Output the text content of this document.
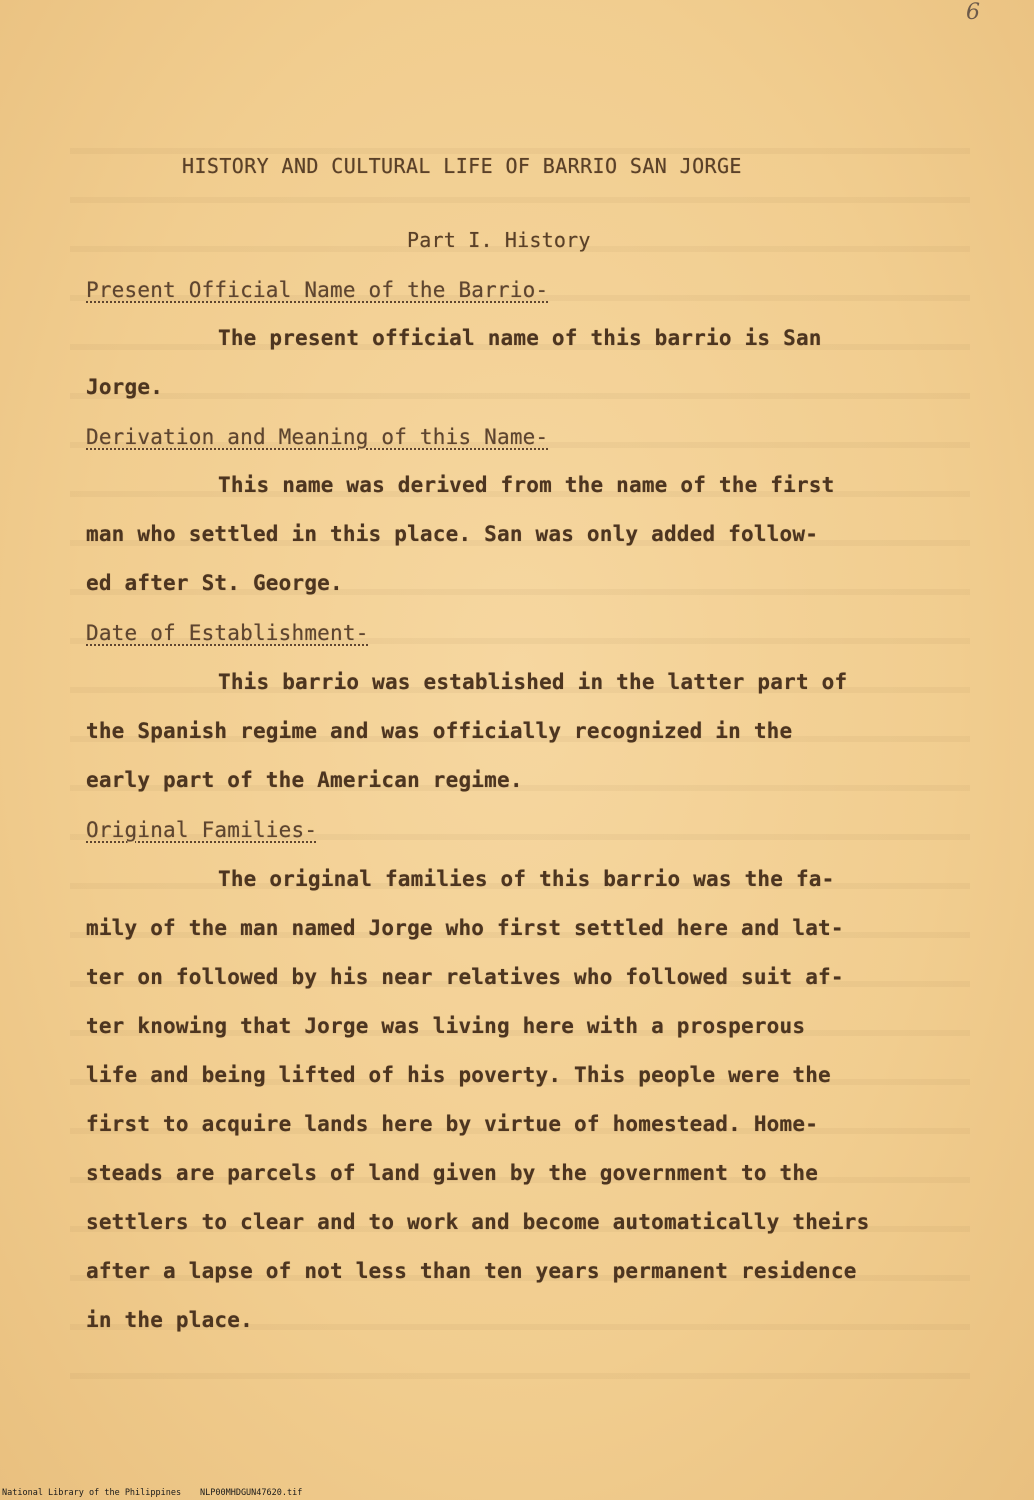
6
HISTORY AND CULTURAL LIFE OF BARRIO SAN JORGE
Part I. History
Present Official Name of the Barrio-
The present official name of this barrio is San
Jorge.
Derivation and Meaning of this Name-
This name was derived from the name of the first
man who settled in this place. San was only added follow-
ed after St. George.
Date of Establishment-
This barrio was established in the latter part of
the Spanish regime and was officially recognized in the
early part of the American regime.
Original Families-
The original families of this barrio was the fa-
mily of the man named Jorge who first settled here and lat-
ter on followed by his near relatives who followed suit af-
ter knowing that Jorge was living here with a prosperous
life and being lifted of his poverty. This people were the
first to acquire lands here by virtue of homestead. Home-
steads are parcels of land given by the government to the
settlers to clear and to work and become automatically theirs
after a lapse of not less than ten years permanent residence
in the place.
National Library of the Philippines NLP00MHDGUN47620.tif
